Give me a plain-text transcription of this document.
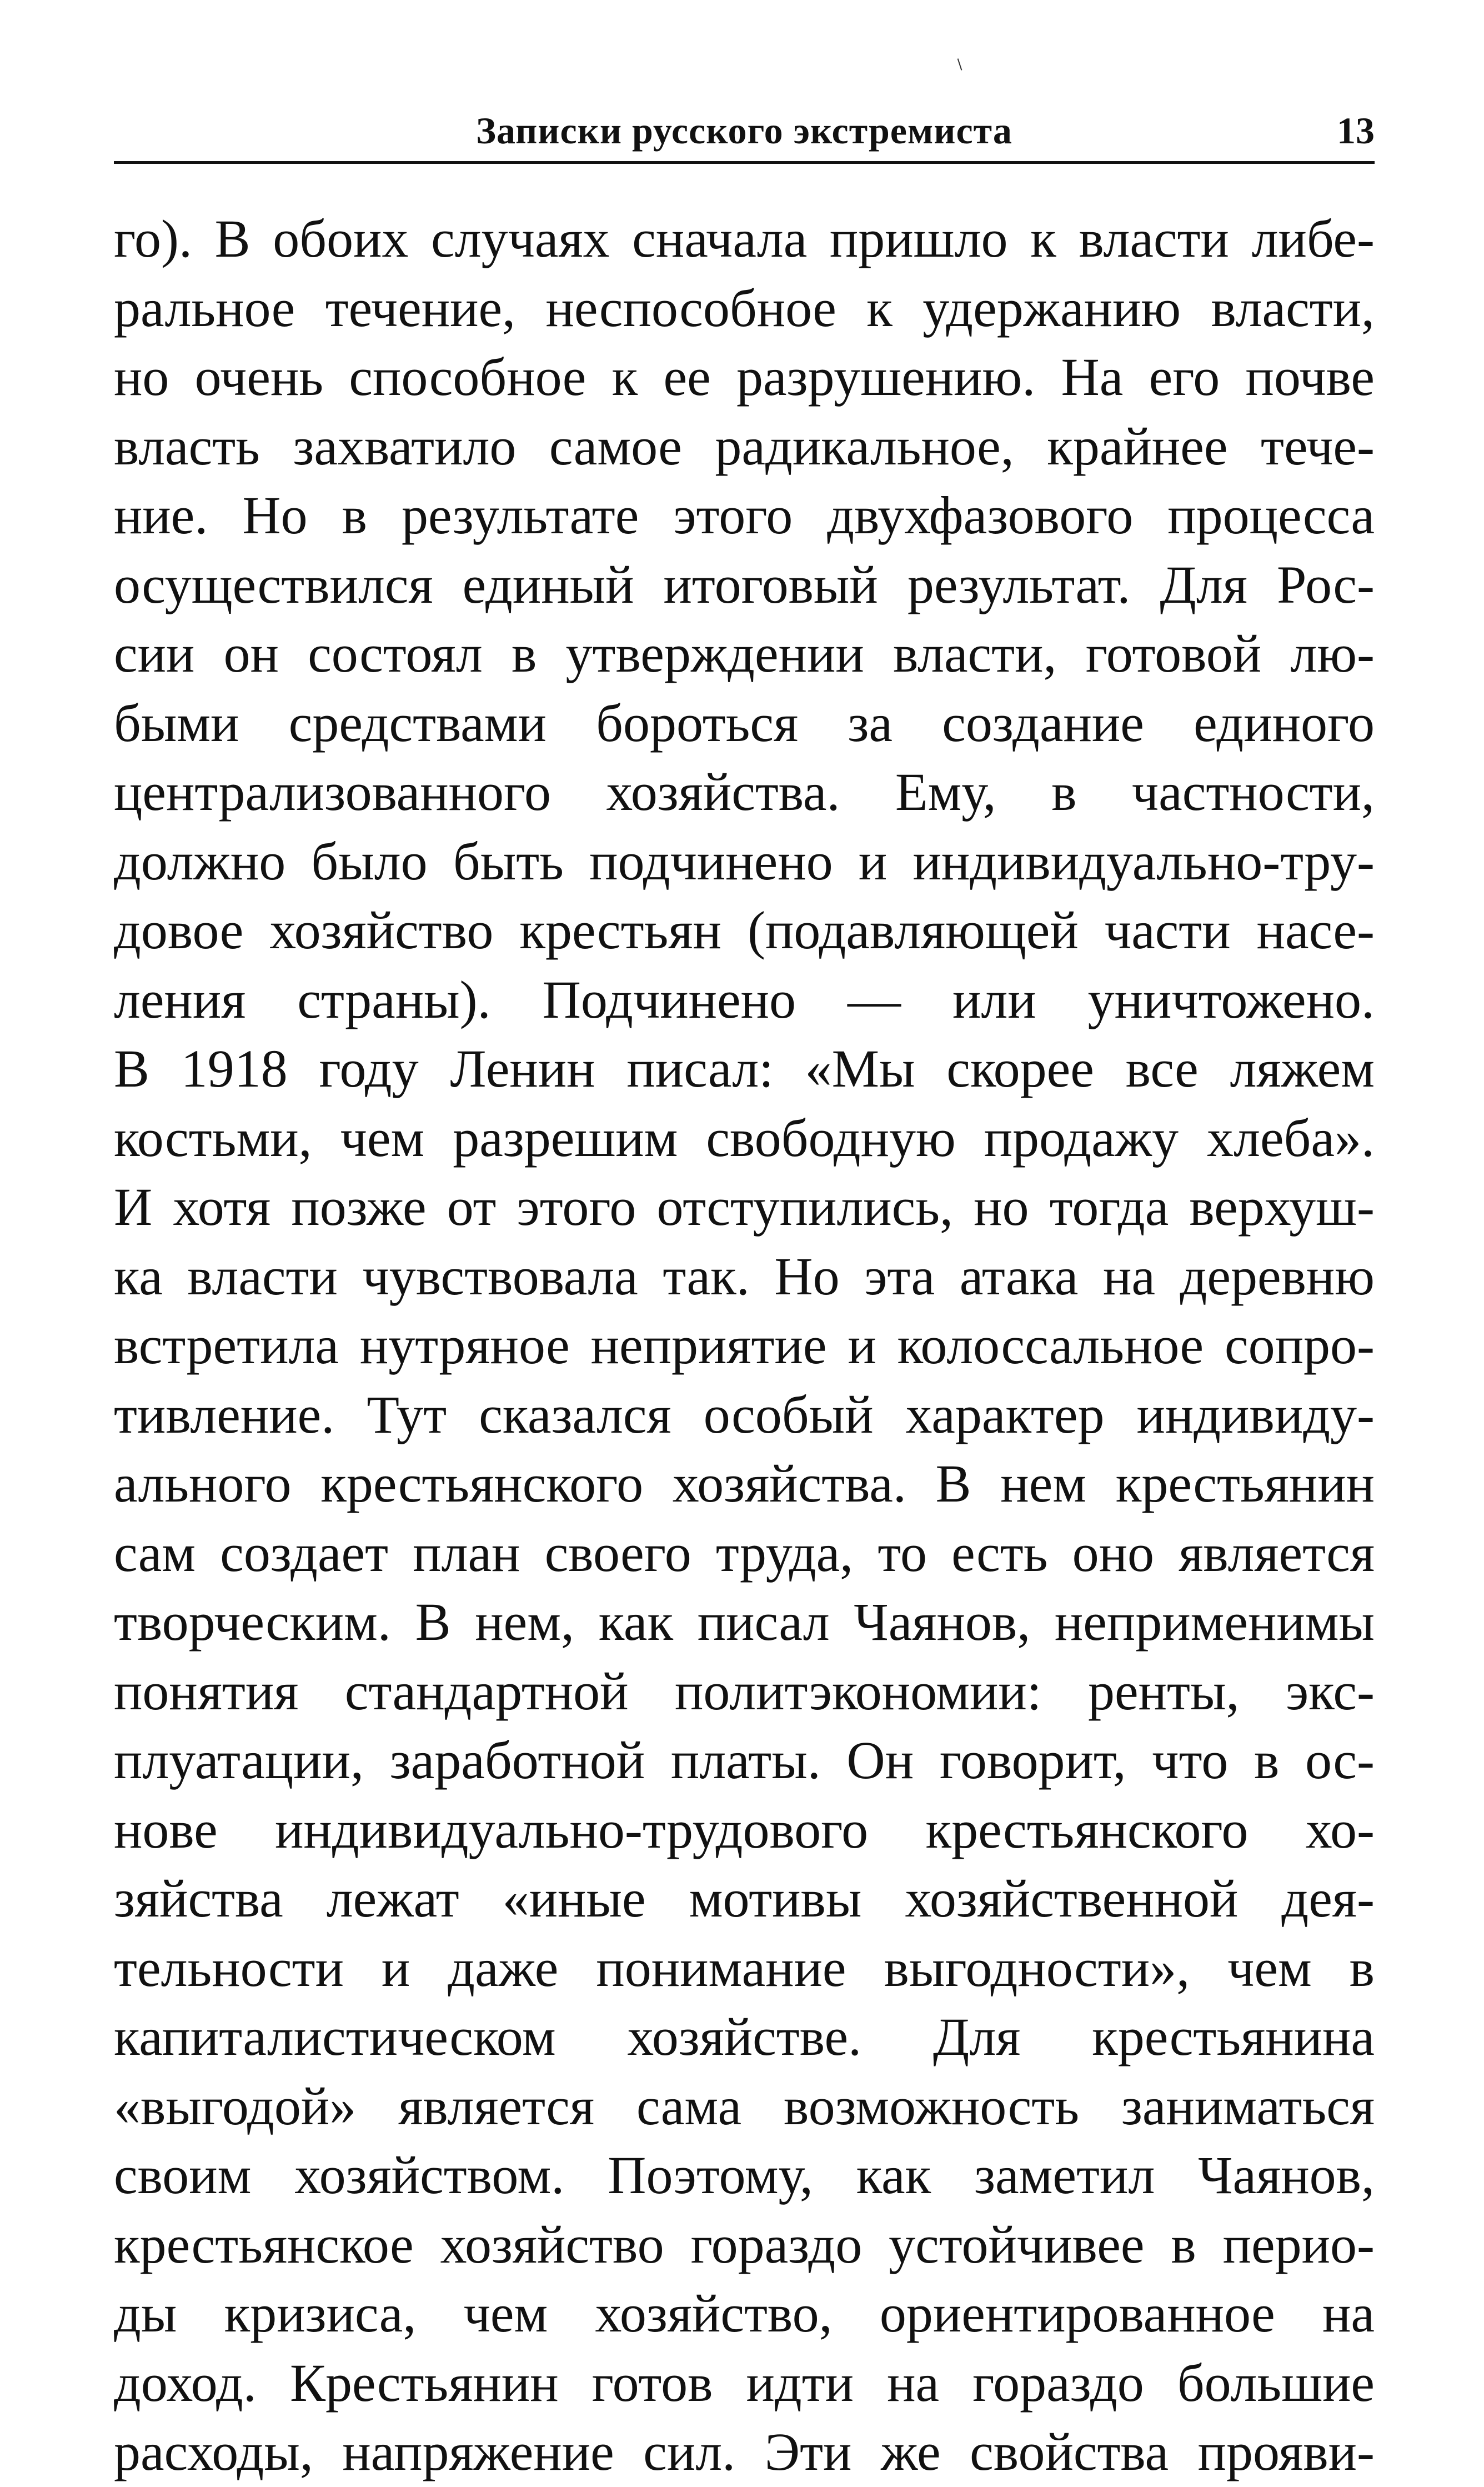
Записки русского экстремиста	13
го). В обоих случаях сначала пришло к власти либе-
ральное течение, неспособное к удержанию власти,
но очень способное к ее разрушению. На его почве
власть захватило самое радикальное, крайнее тече-
ние. Но в результате этого двухфазового процесса
осуществился единый итоговый результат. Для Рос-
сии он состоял в утверждении власти, готовой лю-
быми средствами бороться за создание единого
централизованного хозяйства. Ему, в частности,
должно было быть подчинено и индивидуально-тру-
довое хозяйство крестьян (подавляющей части насе-
ления страны). Подчинено — или уничтожено.
В 1918 году Ленин писал: «Мы скорее все ляжем
костьми, чем разрешим свободную продажу хлеба».
И хотя позже от этого отступились, но тогда верхуш-
ка власти чувствовала так. Но эта атака на деревню
встретила нутряное неприятие и колоссальное сопро-
тивление. Тут сказался особый характер индивиду-
ального крестьянского хозяйства. В нем крестьянин
сам создает план своего труда, то есть оно является
творческим. В нем, как писал Чаянов, неприменимы
понятия стандартной политэкономии: ренты, экс-
плуатации, заработной платы. Он говорит, что в ос-
нове индивидуально-трудового крестьянского хо-
зяйства лежат «иные мотивы хозяйственной дея-
тельности и даже понимание выгодности», чем в
капиталистическом хозяйстве. Для крестьянина
«выгодой» является сама возможность заниматься
своим хозяйством. Поэтому, как заметил Чаянов,
крестьянское хозяйство гораздо устойчивее в перио-
ды кризиса, чем хозяйство, ориентированное на
доход. Крестьянин готов идти на гораздо большие
расходы, напряжение сил. Эти же свойства прояви-
